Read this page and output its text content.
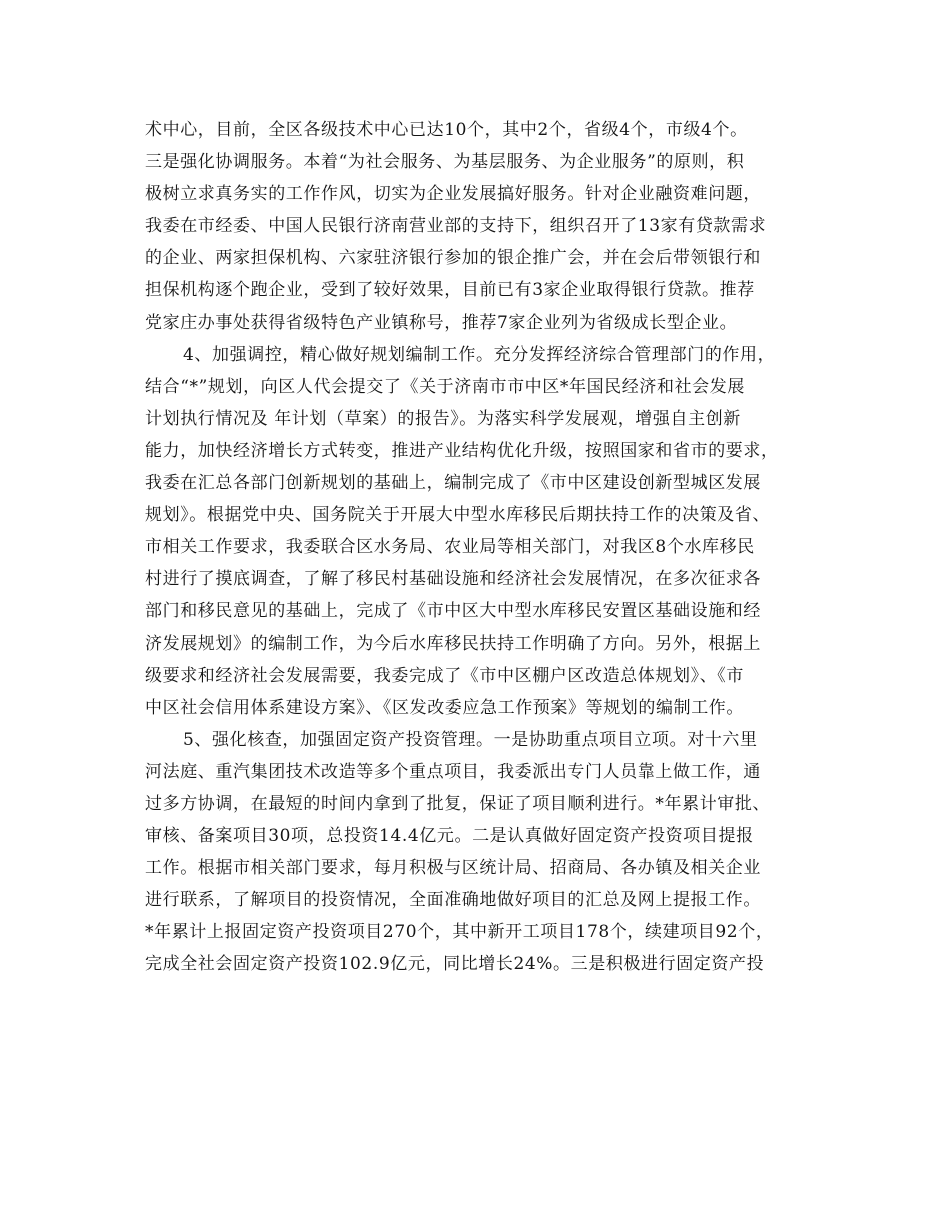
术中心，目前，全区各级技术中心已达10个，其中2个，省级4个，市级4个。
三是强化协调服务。本着“为社会服务、为基层服务、为企业服务”的原则，积
极树立求真务实的工作作风，切实为企业发展搞好服务。针对企业融资难问题，
我委在市经委、中国人民银行济南营业部的支持下，组织召开了13家有贷款需求
的企业、两家担保机构、六家驻济银行参加的银企推广会，并在会后带领银行和
担保机构逐个跑企业，受到了较好效果，目前已有3家企业取得银行贷款。推荐
党家庄办事处获得省级特色产业镇称号，推荐7家企业列为省级成长型企业。
4、加强调控，精心做好规划编制工作。充分发挥经济综合管理部门的作用，
结合“*”规划，向区人代会提交了《关于济南市市中区*年国民经济和社会发展
计划执行情况及 年计划（草案）的报告》。为落实科学发展观，增强自主创新
能力，加快经济增长方式转变，推进产业结构优化升级，按照国家和省市的要求，
我委在汇总各部门创新规划的基础上，编制完成了《市中区建设创新型城区发展
规划》。根据党中央、国务院关于开展大中型水库移民后期扶持工作的决策及省、
市相关工作要求，我委联合区水务局、农业局等相关部门，对我区8个水库移民
村进行了摸底调查，了解了移民村基础设施和经济社会发展情况，在多次征求各
部门和移民意见的基础上，完成了《市中区大中型水库移民安置区基础设施和经
济发展规划》的编制工作，为今后水库移民扶持工作明确了方向。另外，根据上
级要求和经济社会发展需要，我委完成了《市中区棚户区改造总体规划》、《市
中区社会信用体系建设方案》、《区发改委应急工作预案》等规划的编制工作。
5、强化核查，加强固定资产投资管理。一是协助重点项目立项。对十六里
河法庭、重汽集团技术改造等多个重点项目，我委派出专门人员靠上做工作，通
过多方协调，在最短的时间内拿到了批复，保证了项目顺利进行。*年累计审批、
审核、备案项目30项，总投资14.4亿元。二是认真做好固定资产投资项目提报
工作。根据市相关部门要求，每月积极与区统计局、招商局、各办镇及相关企业
进行联系，了解项目的投资情况，全面准确地做好项目的汇总及网上提报工作。
*年累计上报固定资产投资项目270个，其中新开工项目178个，续建项目92个，
完成全社会固定资产投资102.9亿元，同比增长24%。三是积极进行固定资产投
